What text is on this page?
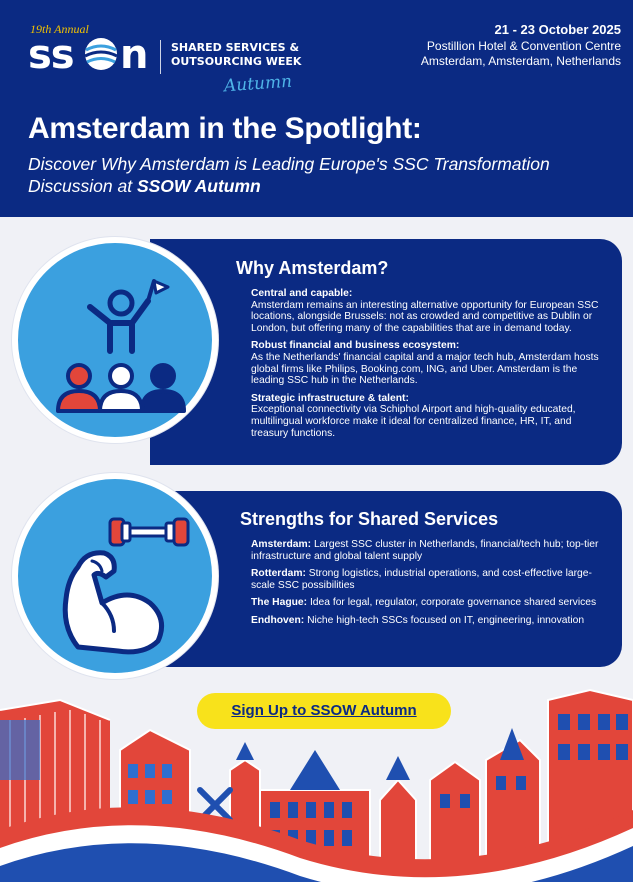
19th Annual
ss n SHARED SERVICES &
OUTSOURCING WEEK
Autumn
21 - 23 October 2025
Postillion Hotel & Convention Centre
Amsterdam, Amsterdam, Netherlands
Amsterdam in the Spotlight:
Discover Why Amsterdam is Leading Europe's SSC Transformation Discussion at SSOW Autumn
Why Amsterdam?
Central and capable:
Amsterdam remains an interesting alternative opportunity for European SSC locations, alongside Brussels: not as crowded and competitive as Dublin or London, but offering many of the capabilities that are in demand today.
Robust financial and business ecosystem:
As the Netherlands' financial capital and a major tech hub, Amsterdam hosts global firms like Philips, Booking.com, ING, and Uber. Amsterdam is the leading SSC hub in the Netherlands.
Strategic infrastructure & talent:
Exceptional connectivity via Schiphol Airport and high-quality educated, multilingual workforce make it ideal for centralized finance, HR, IT, and treasury functions.
Strengths for Shared Services
Amsterdam: Largest SSC cluster in Netherlands, financial/tech hub; top-tier infrastructure and global talent supply
Rotterdam: Strong logistics, industrial operations, and cost-effective large-scale SSC possibilities
The Hague: Idea for legal, regulator, corporate governance shared services
Endhoven: Niche high-tech SSCs focused on IT, engineering, innovation
Sign Up to SSOW Autumn
